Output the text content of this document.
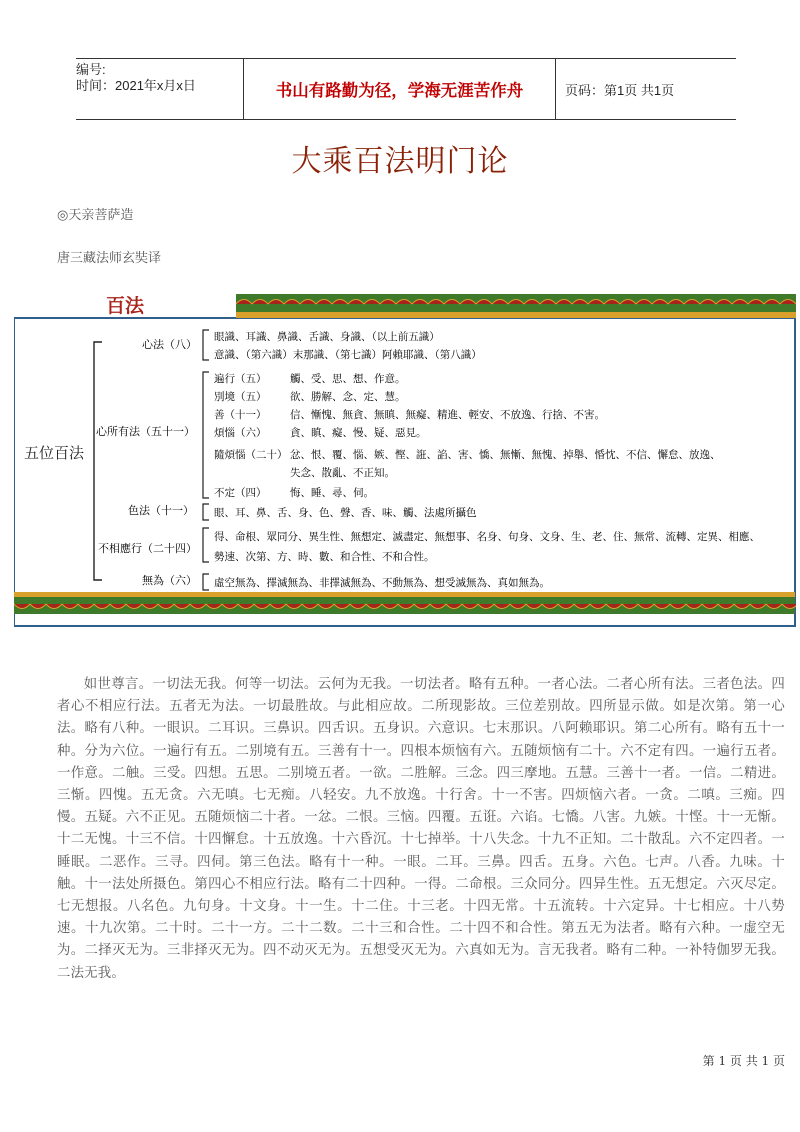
编号:
时间：2021年x月x日	书山有路勤为径，学海无涯苦作舟	页码：第1页 共1页
大乘百法明门论
◎天亲菩萨造
唐三藏法师玄奘译
百法
五位百法
心法（八）
心所有法（五十一）
色法（十一）
不相應行（二十四）
無為（六）
眼識、耳識、鼻識、舌識、身識、（以上前五識）
意識、（第六識）末那識、（第七識）阿賴耶識、（第八識）
遍行（五）
別境（五）
善（十一）
煩惱（六）
隨煩惱（二十）
不定（四）
觸、受、思、想、作意。
欲、勝解、念、定、慧。
信、慚愧、無貪、無瞋、無癡、精進、輕安、不放逸、行捨、不害。
貪、瞋、癡、慢、疑、惡見。
忿、恨、覆、惱、嫉、慳、誑、諂、害、憍、無慚、無愧、掉舉、惛忱、不信、懈怠、放逸、
失念、散亂、不正知。
悔、睡、尋、伺。
眼、耳、鼻、舌、身、色、聲、香、味、觸、法處所攝色
得、命根、眾同分、異生性、無想定、滅盡定、無想事、名身、句身、文身、生、老、住、無常、流轉、定異、相應、
勢速、次第、方、時、數、和合性、不和合性。
虛空無為、擇滅無為、非擇滅無為、不動無為、想受滅無為、真如無為。

如世尊言。一切法无我。何等一切法。云何为无我。一切法者。略有五种。一者心法。二者心所有法。三者色法。四者心不相应行法。五者无为法。一切最胜故。与此相应故。二所现影故。三位差别故。四所显示做。如是次第。第一心法。略有八种。一眼识。二耳识。三鼻识。四舌识。五身识。六意识。七末那识。八阿赖耶识。第二心所有。略有五十一种。分为六位。一遍行有五。二别境有五。三善有十一。四根本烦恼有六。五随烦恼有二十。六不定有四。一遍行五者。一作意。二触。三受。四想。五思。二别境五者。一欲。二胜解。三念。四三摩地。五慧。三善十一者。一信。二精进。三惭。四愧。五无贪。六无嗔。七无痴。八轻安。九不放逸。十行舍。十一不害。四烦恼六者。一贪。二嗔。三痴。四慢。五疑。六不正见。五随烦恼二十者。一忿。二恨。三恼。四覆。五诳。六谄。七憍。八害。九嫉。十悭。十一无惭。十二无愧。十三不信。十四懈怠。十五放逸。十六昏沉。十七掉举。十八失念。十九不正知。二十散乱。六不定四者。一睡眠。二恶作。三寻。四伺。第三色法。略有十一种。一眼。二耳。三鼻。四舌。五身。六色。七声。八香。九味。十触。十一法处所摄色。第四心不相应行法。略有二十四种。一得。二命根。三众同分。四异生性。五无想定。六灭尽定。七无想报。八名色。九句身。十文身。十一生。十二住。十三老。十四无常。十五流转。十六定异。十七相应。十八势速。十九次第。二十时。二十一方。二十二数。二十三和合性。二十四不和合性。第五无为法者。略有六种。一虚空无为。二择灭无为。三非择灭无为。四不动灭无为。五想受灭无为。六真如无为。言无我者。略有二种。一补特伽罗无我。二法无我。

第 1 页 共 1 页
